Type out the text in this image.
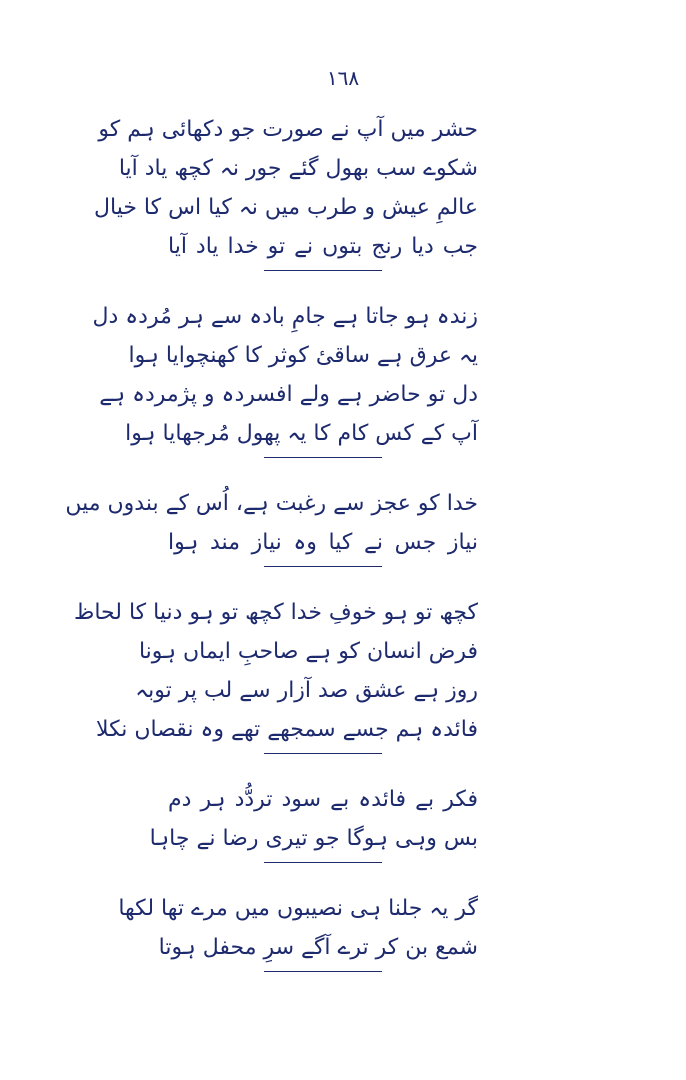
١٦٨
حشر میں آپ نے صورت جو دکھائی ہم کو
شکوے سب بھول گئے جور نہ کچھ یاد آیا
عالمِ عیش و طرب میں نہ کیا اس کا خیال
جب دیا رنج بتوں نے تو خدا یاد آیا
زندہ ہو جاتا ہے جامِ بادہ سے ہر مُردہ دل
یہ عرق ہے ساقیٔ کوثر کا کھنچوایا ہوا
دل تو حاضر ہے ولے افسردہ و پژمردہ ہے
آپ کے کس کام کا یہ پھول مُرجھایا ہوا
خدا کو عجز سے رغبت ہے، اُس کے بندوں میں
نیاز جس نے کیا وہ نیاز مند ہوا
کچھ تو ہو خوفِ خدا کچھ تو ہو دنیا کا لحاظ
فرض انسان کو ہے صاحبِ ایماں ہونا
روز ہے عشق صد آزار سے لب پر توبہ
فائدہ ہم جسے سمجھے تھے وہ نقصاں نکلا
فکر بے فائدہ بے سود تردُّد ہر دم
بس وہی ہوگا جو تیری رضا نے چاہا
گر یہ جلنا ہی نصیبوں میں مرے تھا لکھا
شمع بن کر ترے آگے سرِ محفل ہوتا
